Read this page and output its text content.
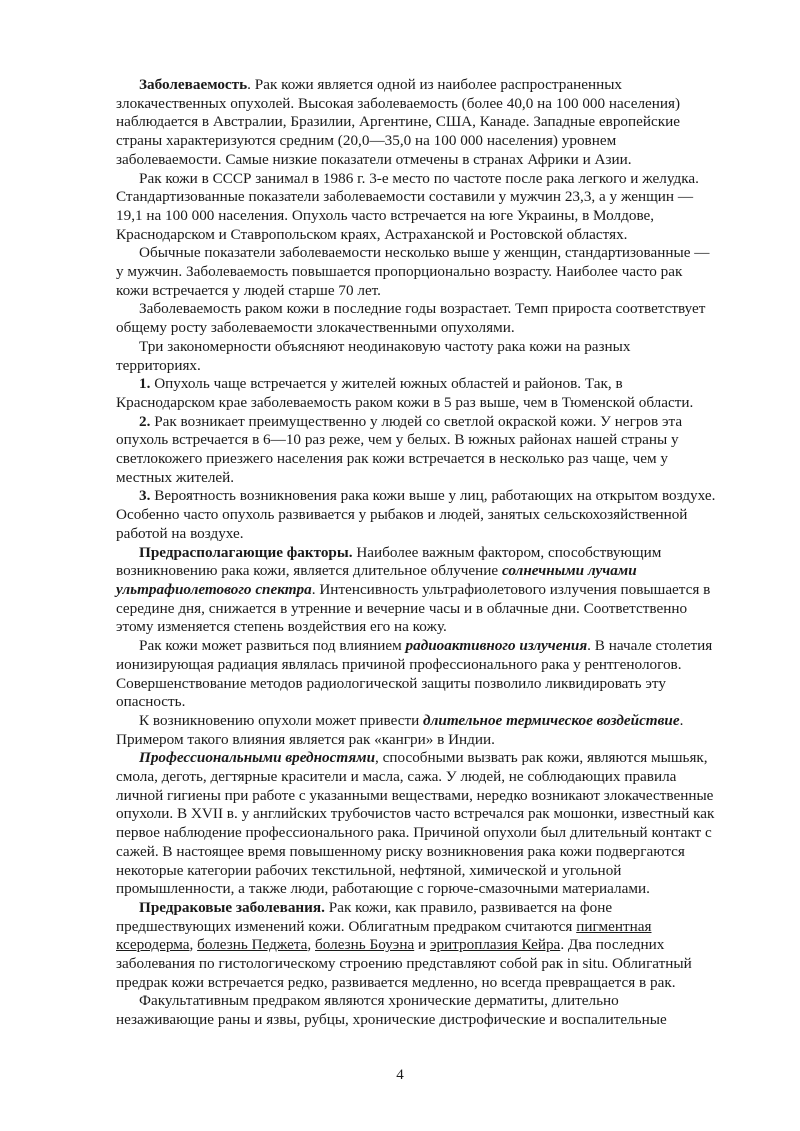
Заболеваемость. Рак кожи является одной из наиболее распространенных злокачественных опухолей. Высокая заболеваемость (более 40,0 на 100 000 населения) наблюдается в Австралии, Бразилии, Аргентине, США, Канаде. Западные европейские страны характеризуются средним (20,0—35,0 на 100 000 населения) уровнем заболеваемости. Самые низкие показатели отмечены в странах Африки и Азии.

Рак кожи в СССР занимал в 1986 г. 3-е место по частоте после рака легкого и желудка. Стандартизованные показатели заболеваемости составили у мужчин 23,3, а у женщин — 19,1 на 100 000 населения. Опухоль часто встречается на юге Украины, в Молдове, Краснодарском и Ставропольском краях, Астраханской и Ростовской областях.

Обычные показатели заболеваемости несколько выше у женщин, стандартизованные — у мужчин. Заболеваемость повышается пропорционально возрасту. Наиболее часто рак кожи встречается у людей старше 70 лет.

Заболеваемость раком кожи в последние годы возрастает. Темп прироста соответствует общему росту заболеваемости злокачественными опухолями.

Три закономерности объясняют неодинаковую частоту рака кожи на разных территориях.

1. Опухоль чаще встречается у жителей южных областей и районов. Так, в Краснодарском крае заболеваемость раком кожи в 5 раз выше, чем в Тюменской области.

2. Рак возникает преимущественно у людей со светлой окраской кожи. У негров эта опухоль встречается в 6—10 раз реже, чем у белых. В южных районах нашей страны у светлокожего приезжего населения рак кожи встречается в несколько раз чаще, чем у местных жителей.

3. Вероятность возникновения рака кожи выше у лиц, работающих на открытом воздухе. Особенно часто опухоль развивается у рыбаков и людей, занятых сельскохозяйственной работой на воздухе.

Предрасполагающие факторы. Наиболее важным фактором, способствующим возникновению рака кожи, является длительное облучение солнечными лучами ультрафиолетового спектра. Интенсивность ультрафиолетового излучения повышается в середине дня, снижается в утренние и вечерние часы и в облачные дни. Соответственно этому изменяется степень воздействия его на кожу.

Рак кожи может развиться под влиянием радиоактивного излучения. В начале столетия ионизирующая радиация являлась причиной профессионального рака у рентгенологов. Совершенствование методов радиологической защиты позволило ликвидировать эту опасность.

К возникновению опухоли может привести длительное термическое воздействие. Примером такого влияния является рак «кангри» в Индии.

Профессиональными вредностями, способными вызвать рак кожи, являются мышьяк, смола, деготь, дегтярные красители и масла, сажа. У людей, не соблюдающих правила личной гигиены при работе с указанными веществами, нередко возникают злокачественные опухоли. В XVII в. у английских трубочистов часто встречался рак мошонки, известный как первое наблюдение профессионального рака. Причиной опухоли был длительный контакт с сажей. В настоящее время повышенному риску возникновения рака кожи подвергаются некоторые категории рабочих текстильной, нефтяной, химической и угольной промышленности, а также люди, работающие с горюче-смазочными материалами.

Предраковые заболевания. Рак кожи, как правило, развивается на фоне предшествующих изменений кожи. Облигатным предраком считаются пигментная ксеродерма, болезнь Педжета, болезнь Боуэна и эритроплазия Кейра. Два последних заболевания по гистологическому строению представляют собой рак in situ. Облигатный предрак кожи встречается редко, развивается медленно, но всегда превращается в рак.

Факультативным предраком являются хронические дерматиты, длительно незаживающие раны и язвы, рубцы, хронические дистрофические и воспалительные

4
